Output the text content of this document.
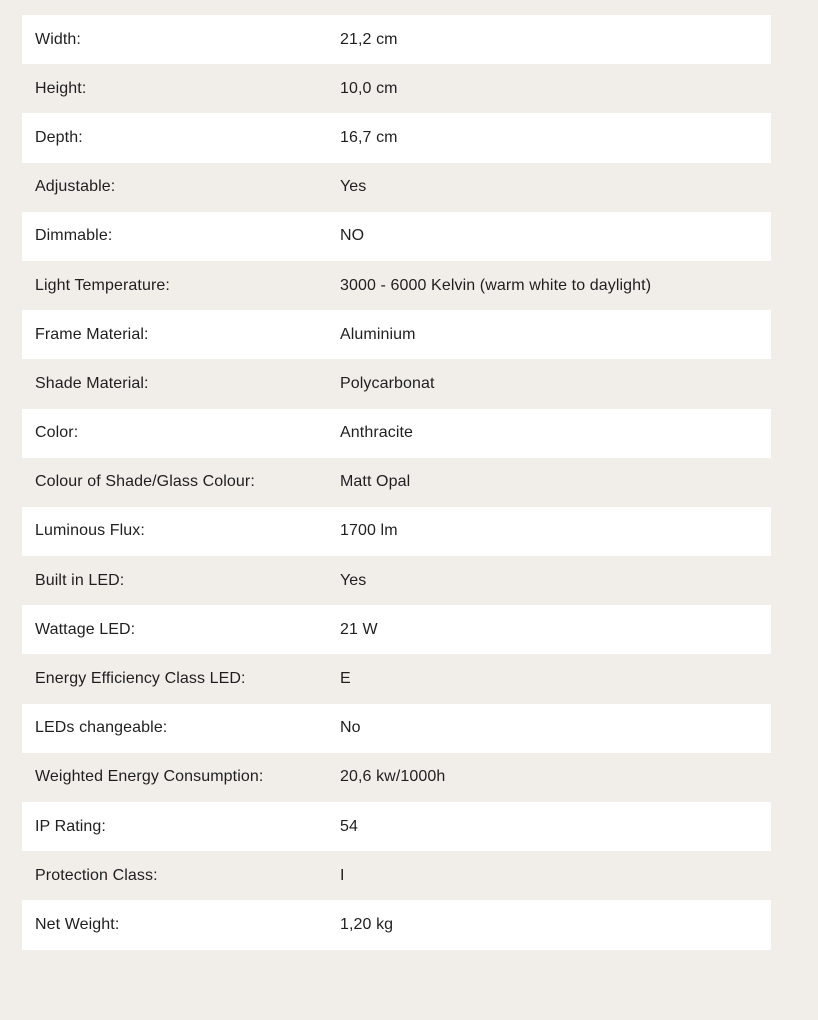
Width:	21,2 cm
Height:	10,0 cm
Depth:	16,7 cm
Adjustable:	Yes
Dimmable:	NO
Light Temperature:	3000 - 6000 Kelvin (warm white to daylight)
Frame Material:	Aluminium
Shade Material:	Polycarbonat
Color:	Anthracite
Colour of Shade/Glass Colour:	Matt Opal
Luminous Flux:	1700 lm
Built in LED:	Yes
Wattage LED:	21 W
Energy Efficiency Class LED:	E
LEDs changeable:	No
Weighted Energy Consumption:	20,6 kw/1000h
IP Rating:	54
Protection Class:	I
Net Weight:	1,20 kg
